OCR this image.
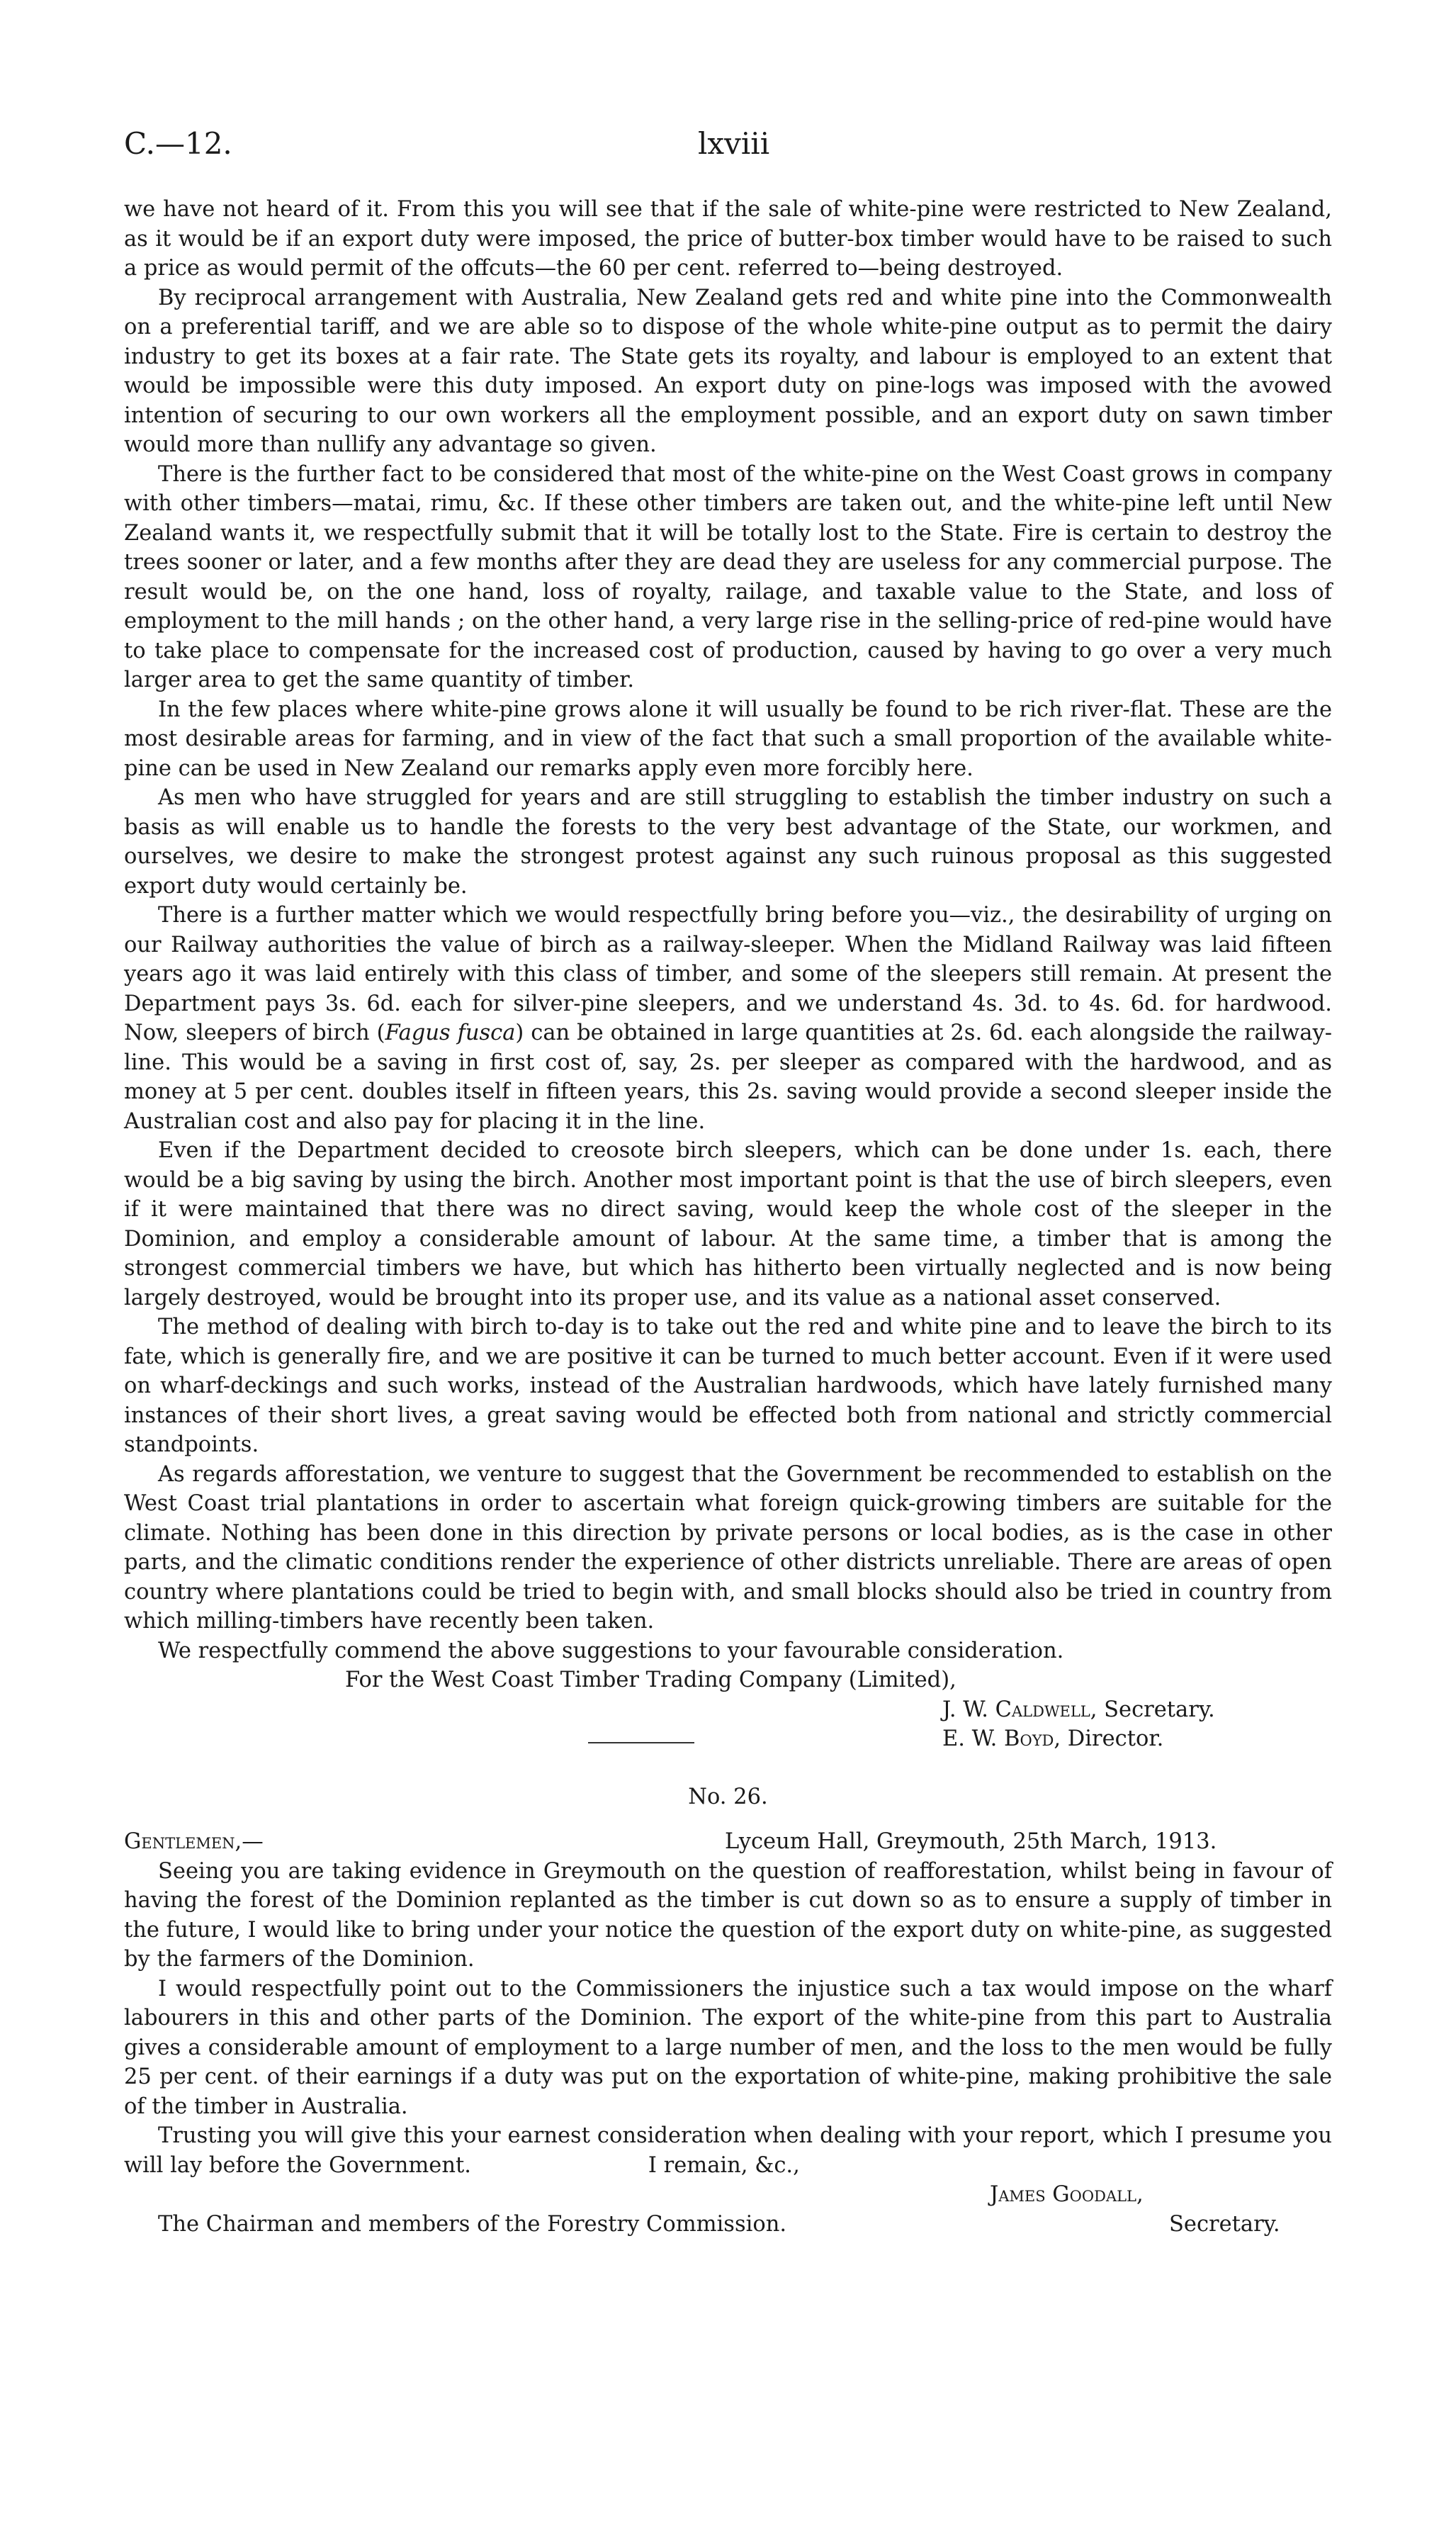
C.—12.	lxviii

we have not heard of it. From this you will see that if the sale of white-pine were restricted to New Zealand, as it would be if an export duty were imposed, the price of butter-box timber would have to be raised to such a price as would permit of the offcuts—the 60 per cent. referred to—being destroyed.

By reciprocal arrangement with Australia, New Zealand gets red and white pine into the Commonwealth on a preferential tariff, and we are able so to dispose of the whole white-pine output as to permit the dairy industry to get its boxes at a fair rate. The State gets its royalty, and labour is employed to an extent that would be impossible were this duty imposed. An export duty on pine-logs was imposed with the avowed intention of securing to our own workers all the employment possible, and an export duty on sawn timber would more than nullify any advantage so given.

There is the further fact to be considered that most of the white-pine on the West Coast grows in company with other timbers—matai, rimu, &c. If these other timbers are taken out, and the white-pine left until New Zealand wants it, we respectfully submit that it will be totally lost to the State. Fire is certain to destroy the trees sooner or later, and a few months after they are dead they are useless for any commercial purpose. The result would be, on the one hand, loss of royalty, railage, and taxable value to the State, and loss of employment to the mill hands ; on the other hand, a very large rise in the selling-price of red-pine would have to take place to compensate for the increased cost of production, caused by having to go over a very much larger area to get the same quantity of timber.

In the few places where white-pine grows alone it will usually be found to be rich river-flat. These are the most desirable areas for farming, and in view of the fact that such a small proportion of the available white-pine can be used in New Zealand our remarks apply even more forcibly here.

As men who have struggled for years and are still struggling to establish the timber industry on such a basis as will enable us to handle the forests to the very best advantage of the State, our workmen, and ourselves, we desire to make the strongest protest against any such ruinous proposal as this suggested export duty would certainly be.

There is a further matter which we would respectfully bring before you—viz., the desirability of urging on our Railway authorities the value of birch as a railway-sleeper. When the Midland Railway was laid fifteen years ago it was laid entirely with this class of timber, and some of the sleepers still remain. At present the Department pays 3s. 6d. each for silver-pine sleepers, and we understand 4s. 3d. to 4s. 6d. for hardwood. Now, sleepers of birch (Fagus fusca) can be obtained in large quantities at 2s. 6d. each alongside the railway-line. This would be a saving in first cost of, say, 2s. per sleeper as compared with the hardwood, and as money at 5 per cent. doubles itself in fifteen years, this 2s. saving would provide a second sleeper inside the Australian cost and also pay for placing it in the line.

Even if the Department decided to creosote birch sleepers, which can be done under 1s. each, there would be a big saving by using the birch. Another most important point is that the use of birch sleepers, even if it were maintained that there was no direct saving, would keep the whole cost of the sleeper in the Dominion, and employ a considerable amount of labour. At the same time, a timber that is among the strongest commercial timbers we have, but which has hitherto been virtually neglected and is now being largely destroyed, would be brought into its proper use, and its value as a national asset conserved.

The method of dealing with birch to-day is to take out the red and white pine and to leave the birch to its fate, which is generally fire, and we are positive it can be turned to much better account. Even if it were used on wharf-deckings and such works, instead of the Australian hardwoods, which have lately furnished many instances of their short lives, a great saving would be effected both from national and strictly commercial standpoints.

As regards afforestation, we venture to suggest that the Government be recommended to establish on the West Coast trial plantations in order to ascertain what foreign quick-growing timbers are suitable for the climate. Nothing has been done in this direction by private persons or local bodies, as is the case in other parts, and the climatic conditions render the experience of other districts unreliable. There are areas of open country where plantations could be tried to begin with, and small blocks should also be tried in country from which milling-timbers have recently been taken.

We respectfully commend the above suggestions to your favourable consideration.

For the West Coast Timber Trading Company (Limited),
J. W. Caldwell, Secretary.
E. W. Boyd, Director.

No. 26.

Gentlemen,—	Lyceum Hall, Greymouth, 25th March, 1913.

Seeing you are taking evidence in Greymouth on the question of reafforestation, whilst being in favour of having the forest of the Dominion replanted as the timber is cut down so as to ensure a supply of timber in the future, I would like to bring under your notice the question of the export duty on white-pine, as suggested by the farmers of the Dominion.

I would respectfully point out to the Commissioners the injustice such a tax would impose on the wharf labourers in this and other parts of the Dominion. The export of the white-pine from this part to Australia gives a considerable amount of employment to a large number of men, and the loss to the men would be fully 25 per cent. of their earnings if a duty was put on the exportation of white-pine, making prohibitive the sale of the timber in Australia.

Trusting you will give this your earnest consideration when dealing with your report, which I presume you will lay before the Government.	I remain, &c.,

James Goodall,
The Chairman and members of the Forestry Commission.	Secretary.
